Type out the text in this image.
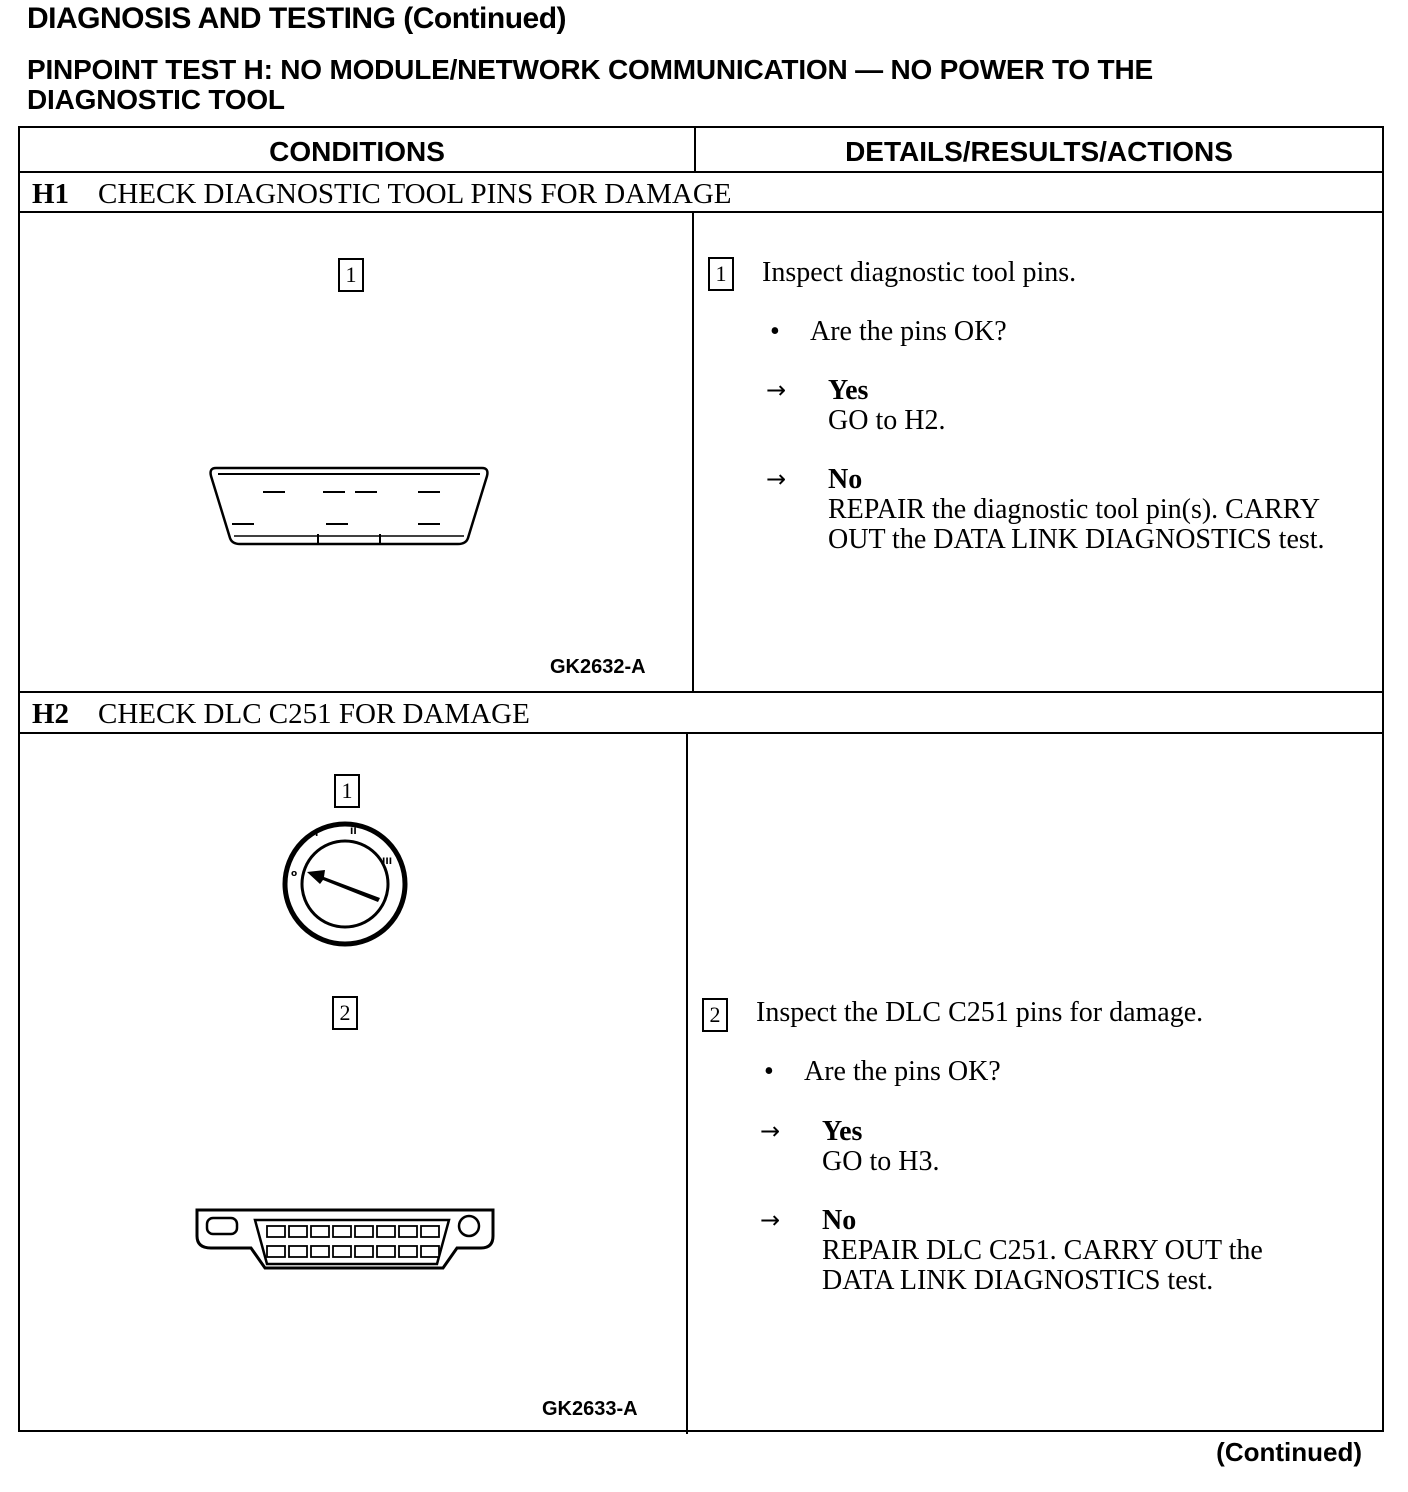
DIAGNOSIS AND TESTING (Continued)
PINPOINT TEST H: NO MODULE/NETWORK COMMUNICATION — NO POWER TO THE
DIAGNOSTIC TOOL
CONDITIONS	DETAILS/RESULTS/ACTIONS
H1 CHECK DIAGNOSTIC TOOL PINS FOR DAMAGE
1
GK2632-A
1 Inspect diagnostic tool pins.
• Are the pins OK?
→ Yes
GO to H2.
→ No
REPAIR the diagnostic tool pin(s). CARRY
OUT the DATA LINK DIAGNOSTICS test.
H2 CHECK DLC C251 FOR DAMAGE
1
o
I	II
III
2
GK2633-A
2 Inspect the DLC C251 pins for damage.
• Are the pins OK?
→ Yes
GO to H3.
→ No
REPAIR DLC C251. CARRY OUT the
DATA LINK DIAGNOSTICS test.
(Continued)
